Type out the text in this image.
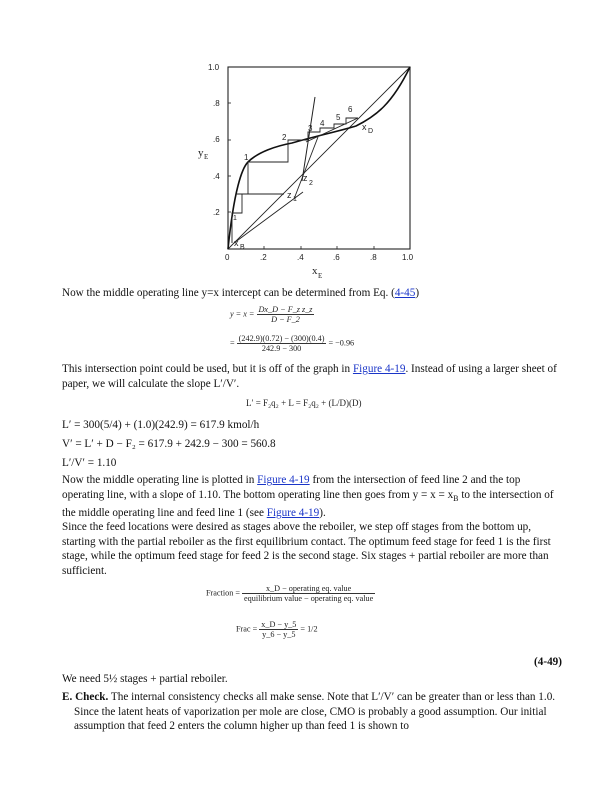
y E
x E
1.0
.8
.6
.4
.2
0	.2	.4	.6	.8	1.0
1
2
3
4
5
6
1
x D
x B
z 1
z
2

Now the middle operating line y=x intercept can be determined from Eq. (4-45)

$y = x = \frac{\text{Dx\_D − F\_z z\_z}}{D - F\_2}$
= $\frac{(242.9)(0.72) - (300)(0.4)}{242.9 - 300} = -0.96$

This intersection point could be used, but it is off of the graph in Figure 4-19. Instead of using a larger sheet of paper, we will calculate the slope L′/V′.

L′ = F₂q₂ + L = F₂q₂ + (L/D)(D)

L′ = 300(5/4) + (1.0)(242.9) = 617.9 kmol/h

V′ = L′ + D − F₂ = 617.9 + 242.9 − 300 = 560.8

L′/V′ = 1.10

Now the middle operating line is plotted in Figure 4-19 from the intersection of feed line 2 and the top operating line, with a slope of 1.10. The bottom operating line then goes from $y = x = x_B$ to the intersection of the middle operating line and feed line 1 (see Figure 4-19).

Since the feed locations were desired as stages above the reboiler, we step off stages from the bottom up, starting with the partial reboiler as the first equilibrium contact. The optimum feed stage for feed 1 is the first stage, while the optimum feed stage for feed 2 is the second stage. Six stages + partial reboiler are more than sufficient.

Fraction = $\frac{\text{x\_D − operating eq. value}}{\text{equilibrium value − operating eq. value}}$
Frac = $\frac{x\_D - y\_5}{y\_6 - y\_5} = 1/2$
(4-49)

We need 5½ stages + partial reboiler.

E. Check. The internal consistency checks all make sense. Note that L′/V′ can be greater than or less than 1.0. Since the latent heats of vaporization per mole are close, CMO is probably a good assumption. Our initial assumption that feed 2 enters the column higher up than feed 1 is shown to
